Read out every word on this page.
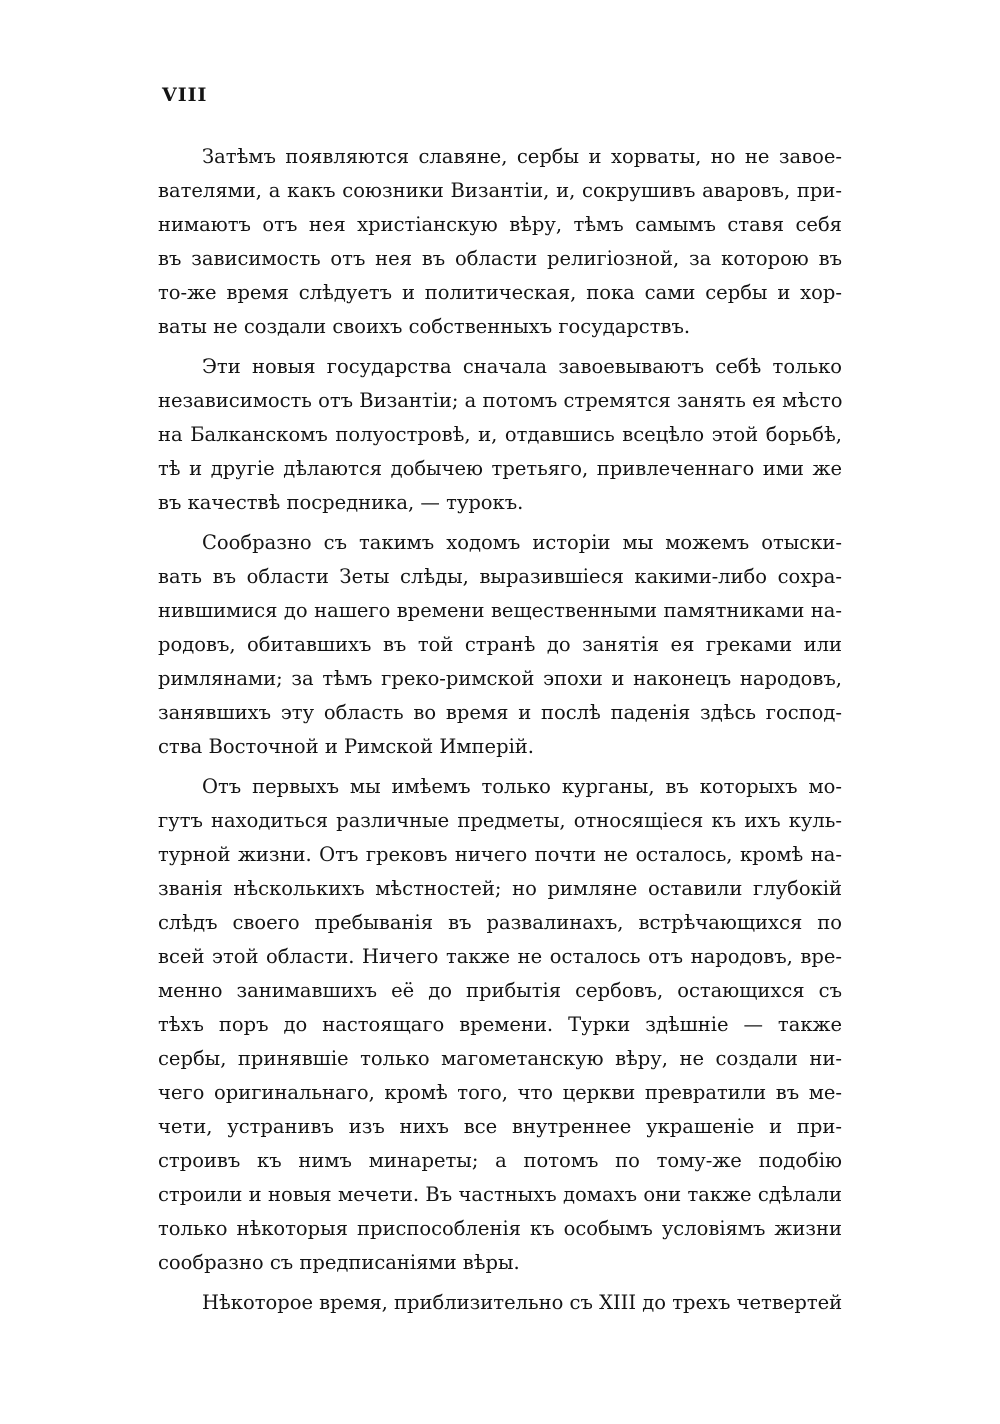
VIII

Затѣмъ появляются славяне, сербы и хорваты, но не завое-
вателями, а какъ союзники Византіи, и, сокрушивъ аваровъ, при-
нимаютъ отъ нея христіанскую вѣру, тѣмъ самымъ ставя себя
въ зависимость отъ нея въ области религіозной, за которою въ
то-же время слѣдуетъ и политическая, пока сами сербы и хор-
ваты не создали своихъ собственныхъ государствъ.
Эти новыя государства сначала завоевываютъ себѣ только
независимость отъ Византіи; а потомъ стремятся занять ея мѣсто
на Балканскомъ полуостровѣ, и, отдавшись всецѣло этой борьбѣ,
тѣ и другіе дѣлаются добычею третьяго, привлеченнаго ими же
въ качествѣ посредника, — турокъ.
Сообразно съ такимъ ходомъ исторіи мы можемъ отыски-
вать въ области Зеты слѣды, выразившіеся какими-либо сохра-
нившимися до нашего времени вещественными памятниками на-
родовъ, обитавшихъ въ той странѣ до занятія ея греками или
римлянами; за тѣмъ греко-римской эпохи и наконецъ народовъ,
занявшихъ эту область во время и послѣ паденія здѣсь господ-
ства Восточной и Римской Имперій.
Отъ первыхъ мы имѣемъ только курганы, въ которыхъ мо-
гутъ находиться различные предметы, относящіеся къ ихъ куль-
турной жизни. Отъ грековъ ничего почти не осталось, кромѣ на-
званія нѣсколькихъ мѣстностей; но римляне оставили глубокій
слѣдъ своего пребыванія въ развалинахъ, встрѣчающихся по
всей этой области. Ничего также не осталось отъ народовъ, вре-
менно занимавшихъ её до прибытія сербовъ, остающихся съ
тѣхъ поръ до настоящаго времени. Турки здѣшніе — также
сербы, принявшіе только магометанскую вѣру, не создали ни-
чего оригинальнаго, кромѣ того, что церкви превратили въ ме-
чети, устранивъ изъ нихъ все внутреннее украшеніе и при-
строивъ къ нимъ минареты; а потомъ по тому-же подобію
строили и новыя мечети. Въ частныхъ домахъ они также сдѣлали
только нѣкоторыя приспособленія къ особымъ условіямъ жизни
сообразно съ предписаніями вѣры.
Нѣкоторое время, приблизительно съ XIII до трехъ четвертей
